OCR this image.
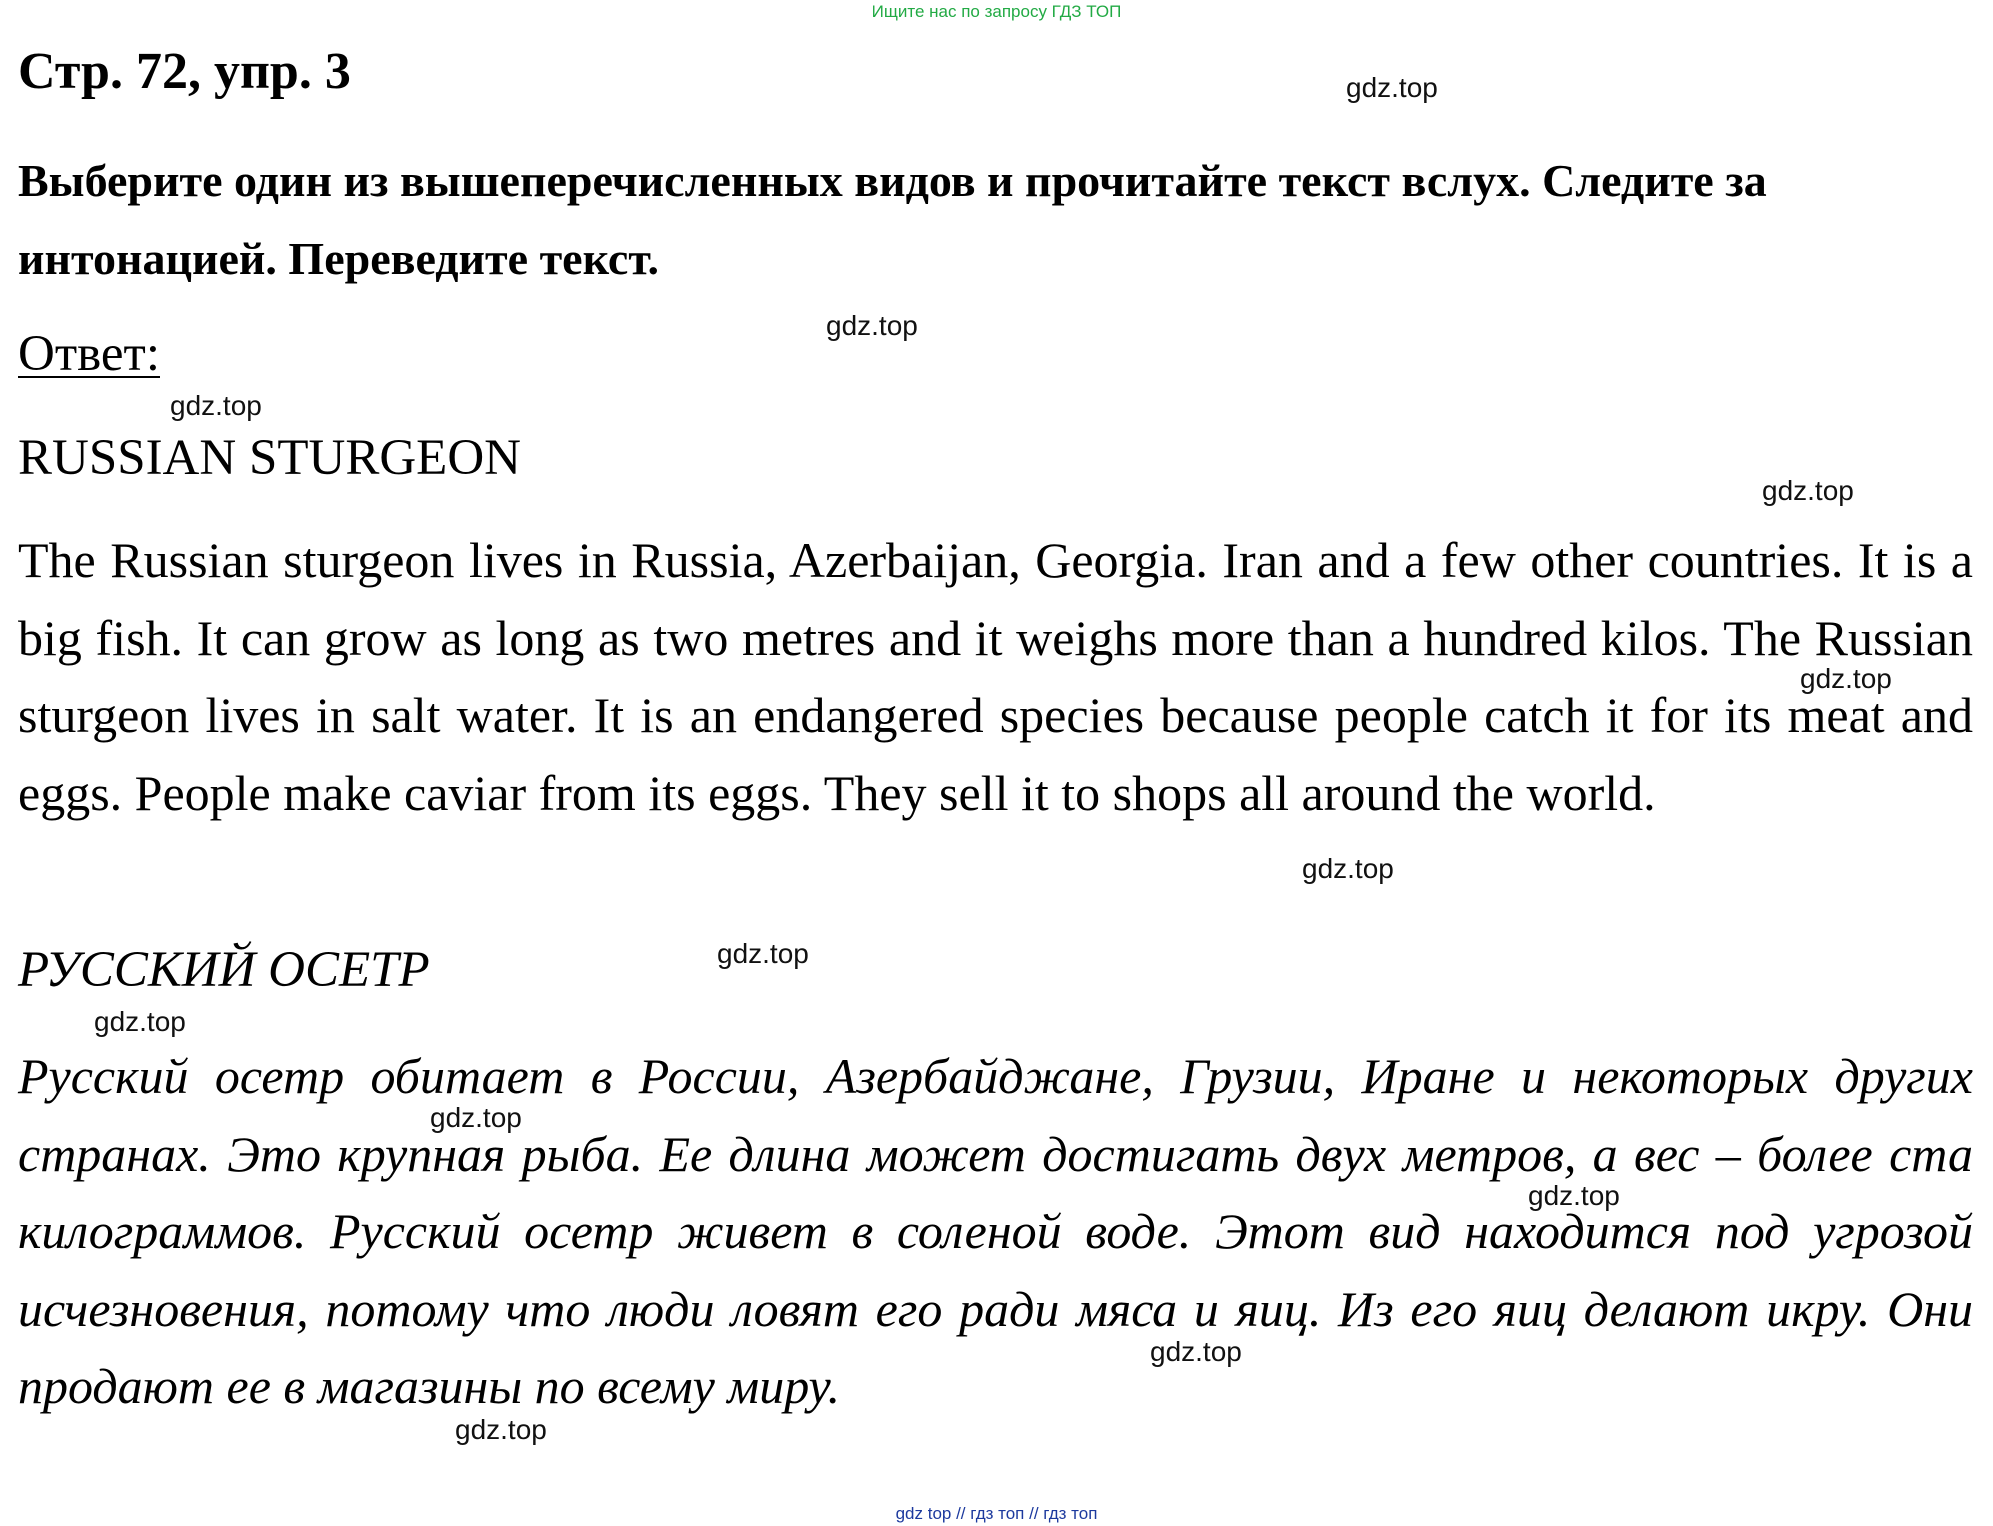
Ищите нас по запросу ГДЗ ТОП
Стр. 72, упр. 3

Выберите один из вышеперечисленных видов и прочитайте текст вслух. Следите за интонацией. Переведите текст.

Ответ:

RUSSIAN STURGEON

The Russian sturgeon lives in Russia, Azerbaijan, Georgia. Iran and a few other countries. It is a big fish. It can grow as long as two metres and it weighs more than a hundred kilos. The Russian sturgeon lives in salt water. It is an endangered species because people catch it for its meat and eggs. People make caviar from its eggs. They sell it to shops all around the world.

РУССКИЙ ОСЕТР

Русский осетр обитает в России, Азербайджане, Грузии, Иране и некоторых других странах. Это крупная рыба. Ее длина может достигать двух метров, а вес – более ста килограммов. Русский осетр живет в соленой воде. Этот вид находится под угрозой исчезновения, потому что люди ловят его ради мяса и яиц. Из его яиц делают икру. Они продают ее в магазины по всему миру.

gdz.top
gdz.top
gdz.top
gdz.top
gdz.top
gdz.top
gdz.top
gdz.top
gdz.top
gdz.top
gdz.top
gdz.top
gdz top // гдз топ // гдз топ
